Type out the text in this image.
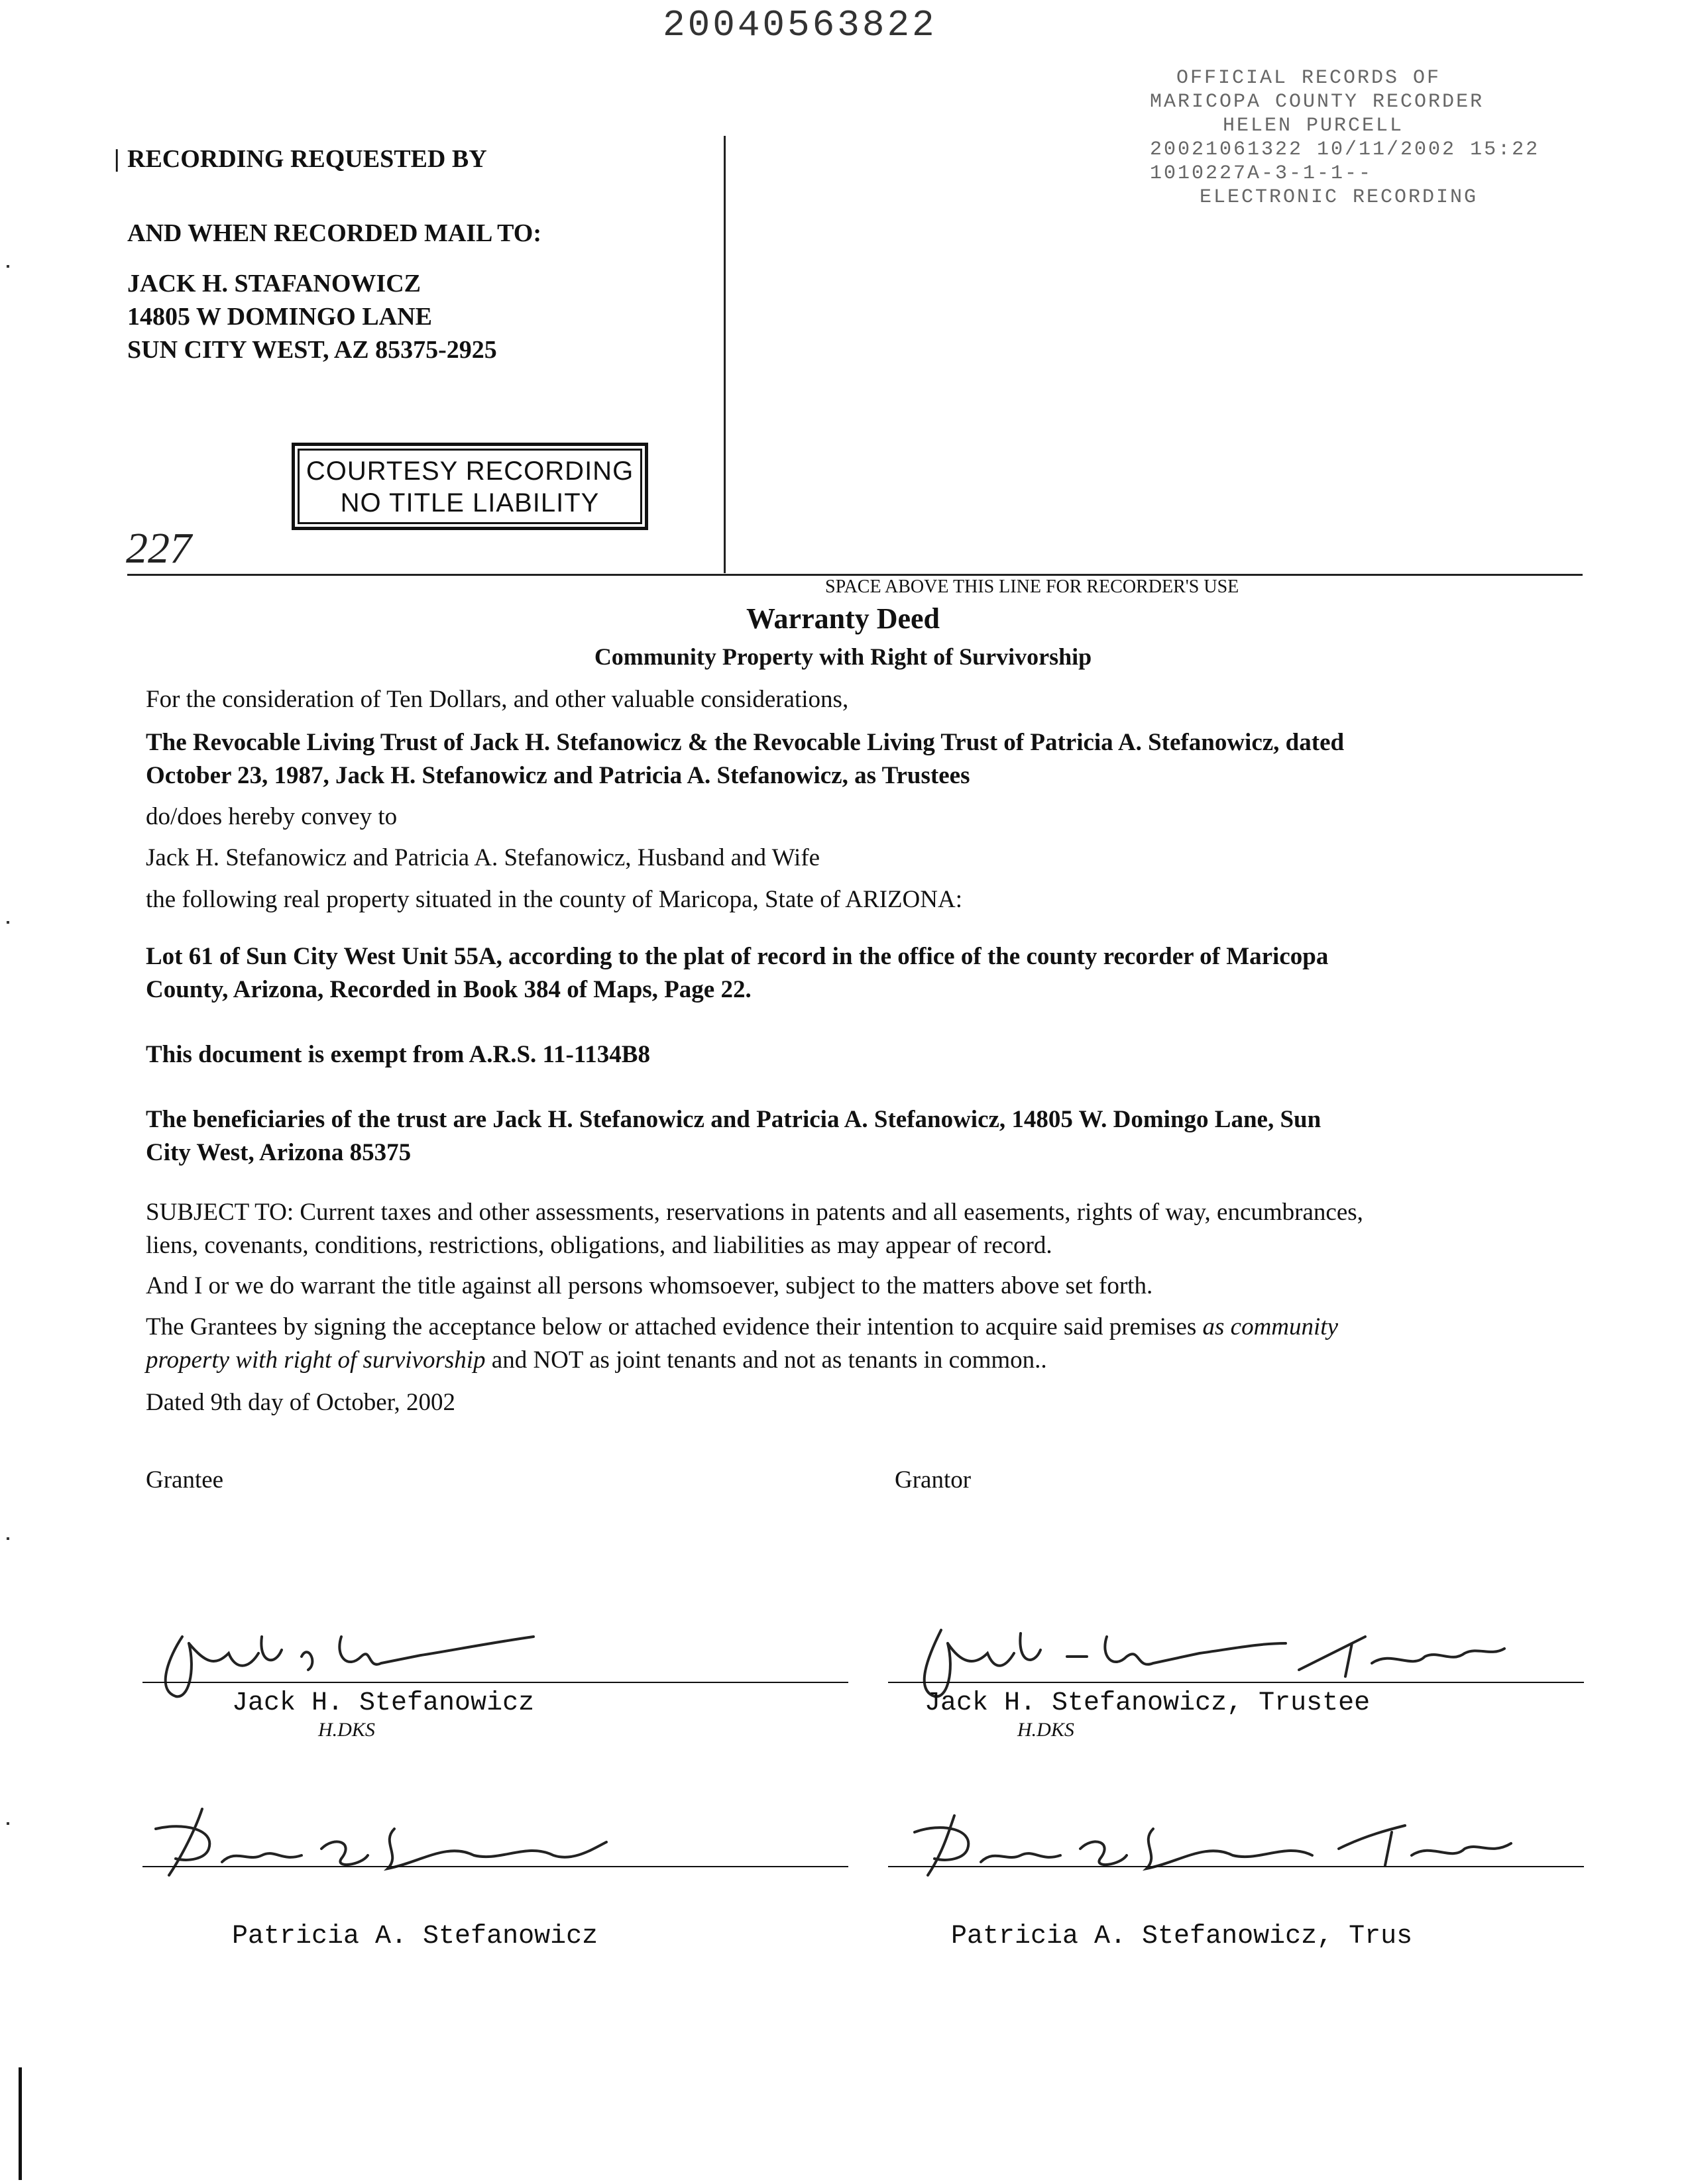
20040563822
OFFICIAL RECORDS OF
MARICOPA COUNTY RECORDER
HELEN PURCELL
20021061322 10/11/2002 15:22
1010227A-3-1-1--
ELECTRONIC RECORDING
❘ RECORDING REQUESTED BY
AND WHEN RECORDED MAIL TO:
JACK H. STAFANOWICZ
14805 W DOMINGO LANE
SUN CITY WEST, AZ 85375-2925
COURTESY RECORDING
NO TITLE LIABILITY
227
SPACE ABOVE THIS LINE FOR RECORDER'S USE
Warranty Deed
Community Property with Right of Survivorship
For the consideration of Ten Dollars, and other valuable considerations,
The Revocable Living Trust of Jack H. Stefanowicz & the Revocable Living Trust of Patricia A. Stefanowicz, dated
October 23, 1987, Jack H. Stefanowicz and Patricia A. Stefanowicz, as Trustees
do/does hereby convey to
Jack H. Stefanowicz and Patricia A. Stefanowicz, Husband and Wife
the following real property situated in the county of Maricopa, State of ARIZONA:
Lot 61 of Sun City West Unit 55A, according to the plat of record in the office of the county recorder of Maricopa
County, Arizona, Recorded in Book 384 of Maps, Page 22.
This document is exempt from A.R.S. 11-1134B8
The beneficiaries of the trust are Jack H. Stefanowicz and Patricia A. Stefanowicz, 14805 W. Domingo Lane, Sun
City West, Arizona 85375
SUBJECT TO: Current taxes and other assessments, reservations in patents and all easements, rights of way, encumbrances,
liens, covenants, conditions, restrictions, obligations, and liabilities as may appear of record.
And I or we do warrant the title against all persons whomsoever, subject to the matters above set forth.
The Grantees by signing the acceptance below or attached evidence their intention to acquire said premises as community
property with right of survivorship and NOT as joint tenants and not as tenants in common..
Dated 9th day of October, 2002
Grantee	Grantor
Jack H. Stefanowicz
H.DKS
Jack H. Stefanowicz, Trustee
H.DKS
Patricia A. Stefanowicz	Patricia A. Stefanowicz, Trus
